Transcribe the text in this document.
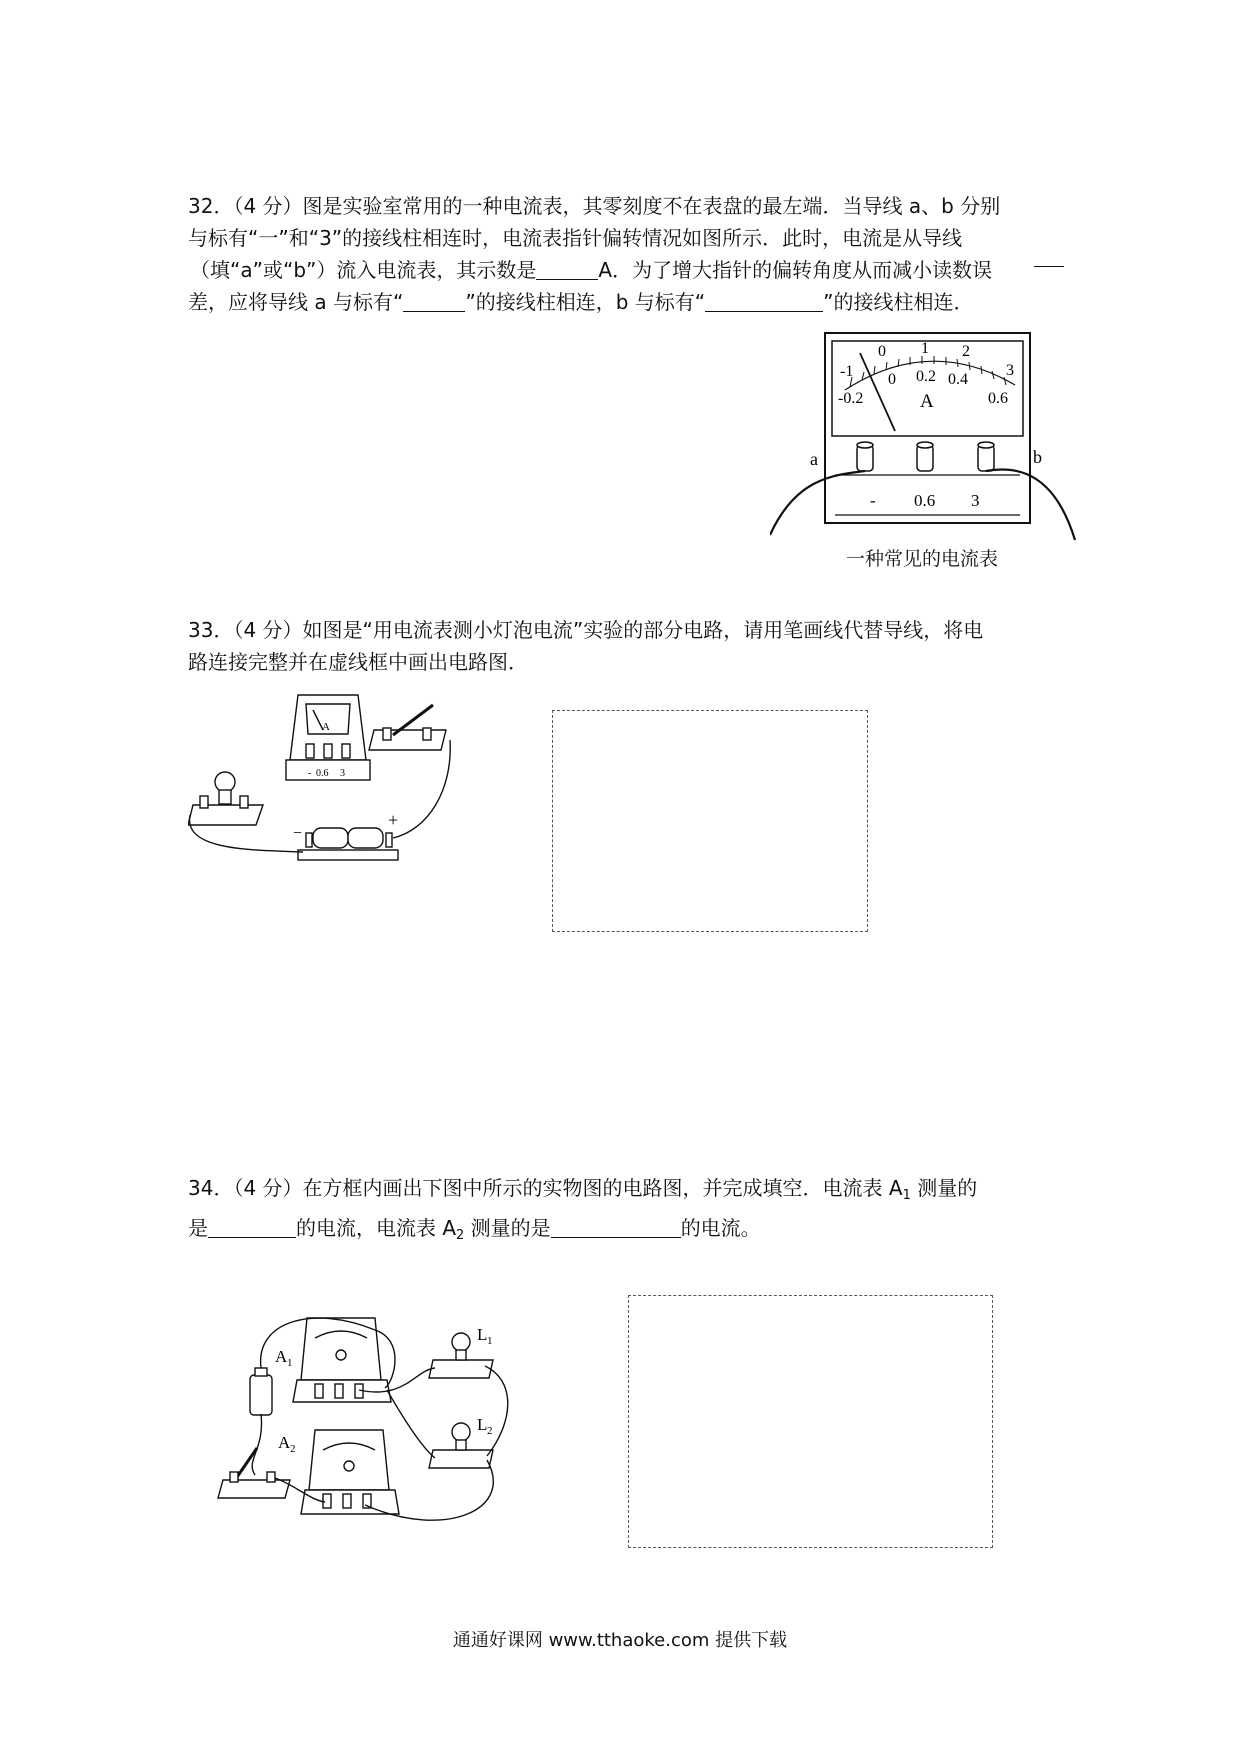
32．（4 分）图是实验室常用的一种电流表，其零刻度不在表盘的最左端．当导线 a、b 分别
与标有“一”和“3”的接线柱相连时，电流表指针偏转情况如图所示．此时，电流是从导线
（填“a”或“b”）流入电流表，其示数是	A．为了增大指针的偏转角度从而减小读数误
差，应将导线 a 与标有“	”的接线柱相连，b 与标有“	”的接线柱相连．
-1
0 1 2
3
-0.2
0 0.2 0.4
0.6
A
- 0.6 3
a	b
一种常见的电流表
33．（4 分）如图是“用电流表测小灯泡电流”实验的部分电路，请用笔画线代替导线，将电
路连接完整并在虚线框中画出电路图．
A
- 0.6 3
−
+
34．（4 分）在方框内画出下图中所示的实物图的电路图，并完成填空．电流表 $A_1$ 测量的
是	的电流，电流表 $A_2$ 测量的是	的电流。
A 1
A 2
L 1
L 2
通通好课网 www.tthaoke.com 提供下载
